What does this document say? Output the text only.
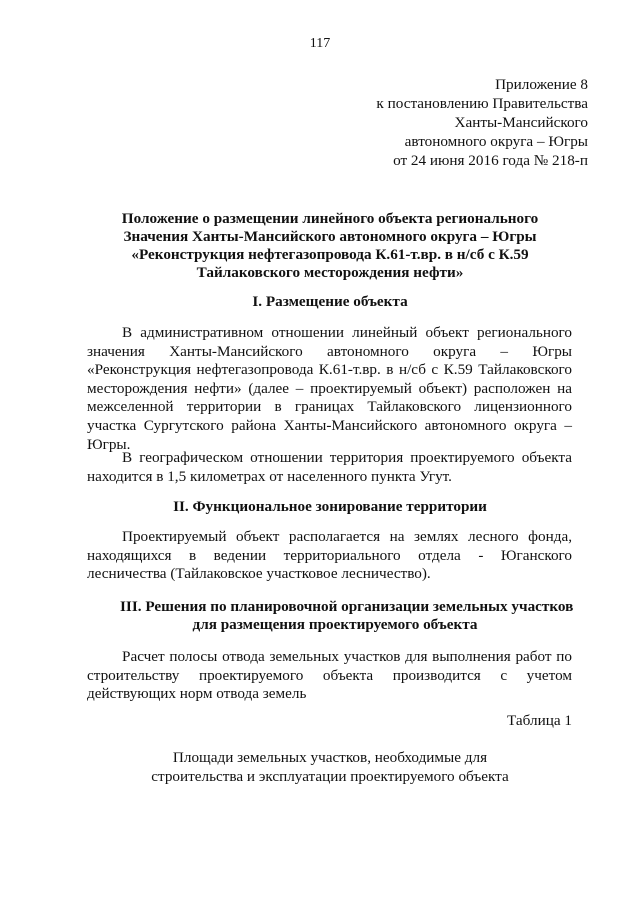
117
Приложение 8
к постановлению Правительства
Ханты-Мансийского
автономного округа – Югры
от 24 июня 2016 года № 218-п
Положение о размещении линейного объекта регионального
Значения Ханты-Мансийского автономного округа – Югры
«Реконструкция нефтегазопровода К.61-т.вр. в н/сб с К.59
Тайлаковского месторождения нефти»
I. Размещение объекта

В административном отношении линейный объект регионального значения Ханты-Мансийского автономного округа – Югры «Реконструкция нефтегазопровода К.61-т.вр. в н/сб с К.59 Тайлаковского месторождения нефти» (далее – проектируемый объект) расположен на межселенной территории в границах Тайлаковского лицензионного участка Сургутского района Ханты-Мансийского автономного округа – Югры.

В географическом отношении территория проектируемого объекта находится в 1,5 километрах от населенного пункта Угут.

II. Функциональное зонирование территории

Проектируемый объект располагается на землях лесного фонда, находящихся в ведении территориального отдела - Юганского лесничества (Тайлаковское участковое лесничество).

III. Решения по планировочной организации земельных участков
для размещения проектируемого объекта

Расчет полосы отвода земельных участков для выполнения работ по строительству проектируемого объекта производится с учетом действующих норм отвода земель

Таблица 1
Площади земельных участков, необходимые для
строительства и эксплуатации проектируемого объекта
